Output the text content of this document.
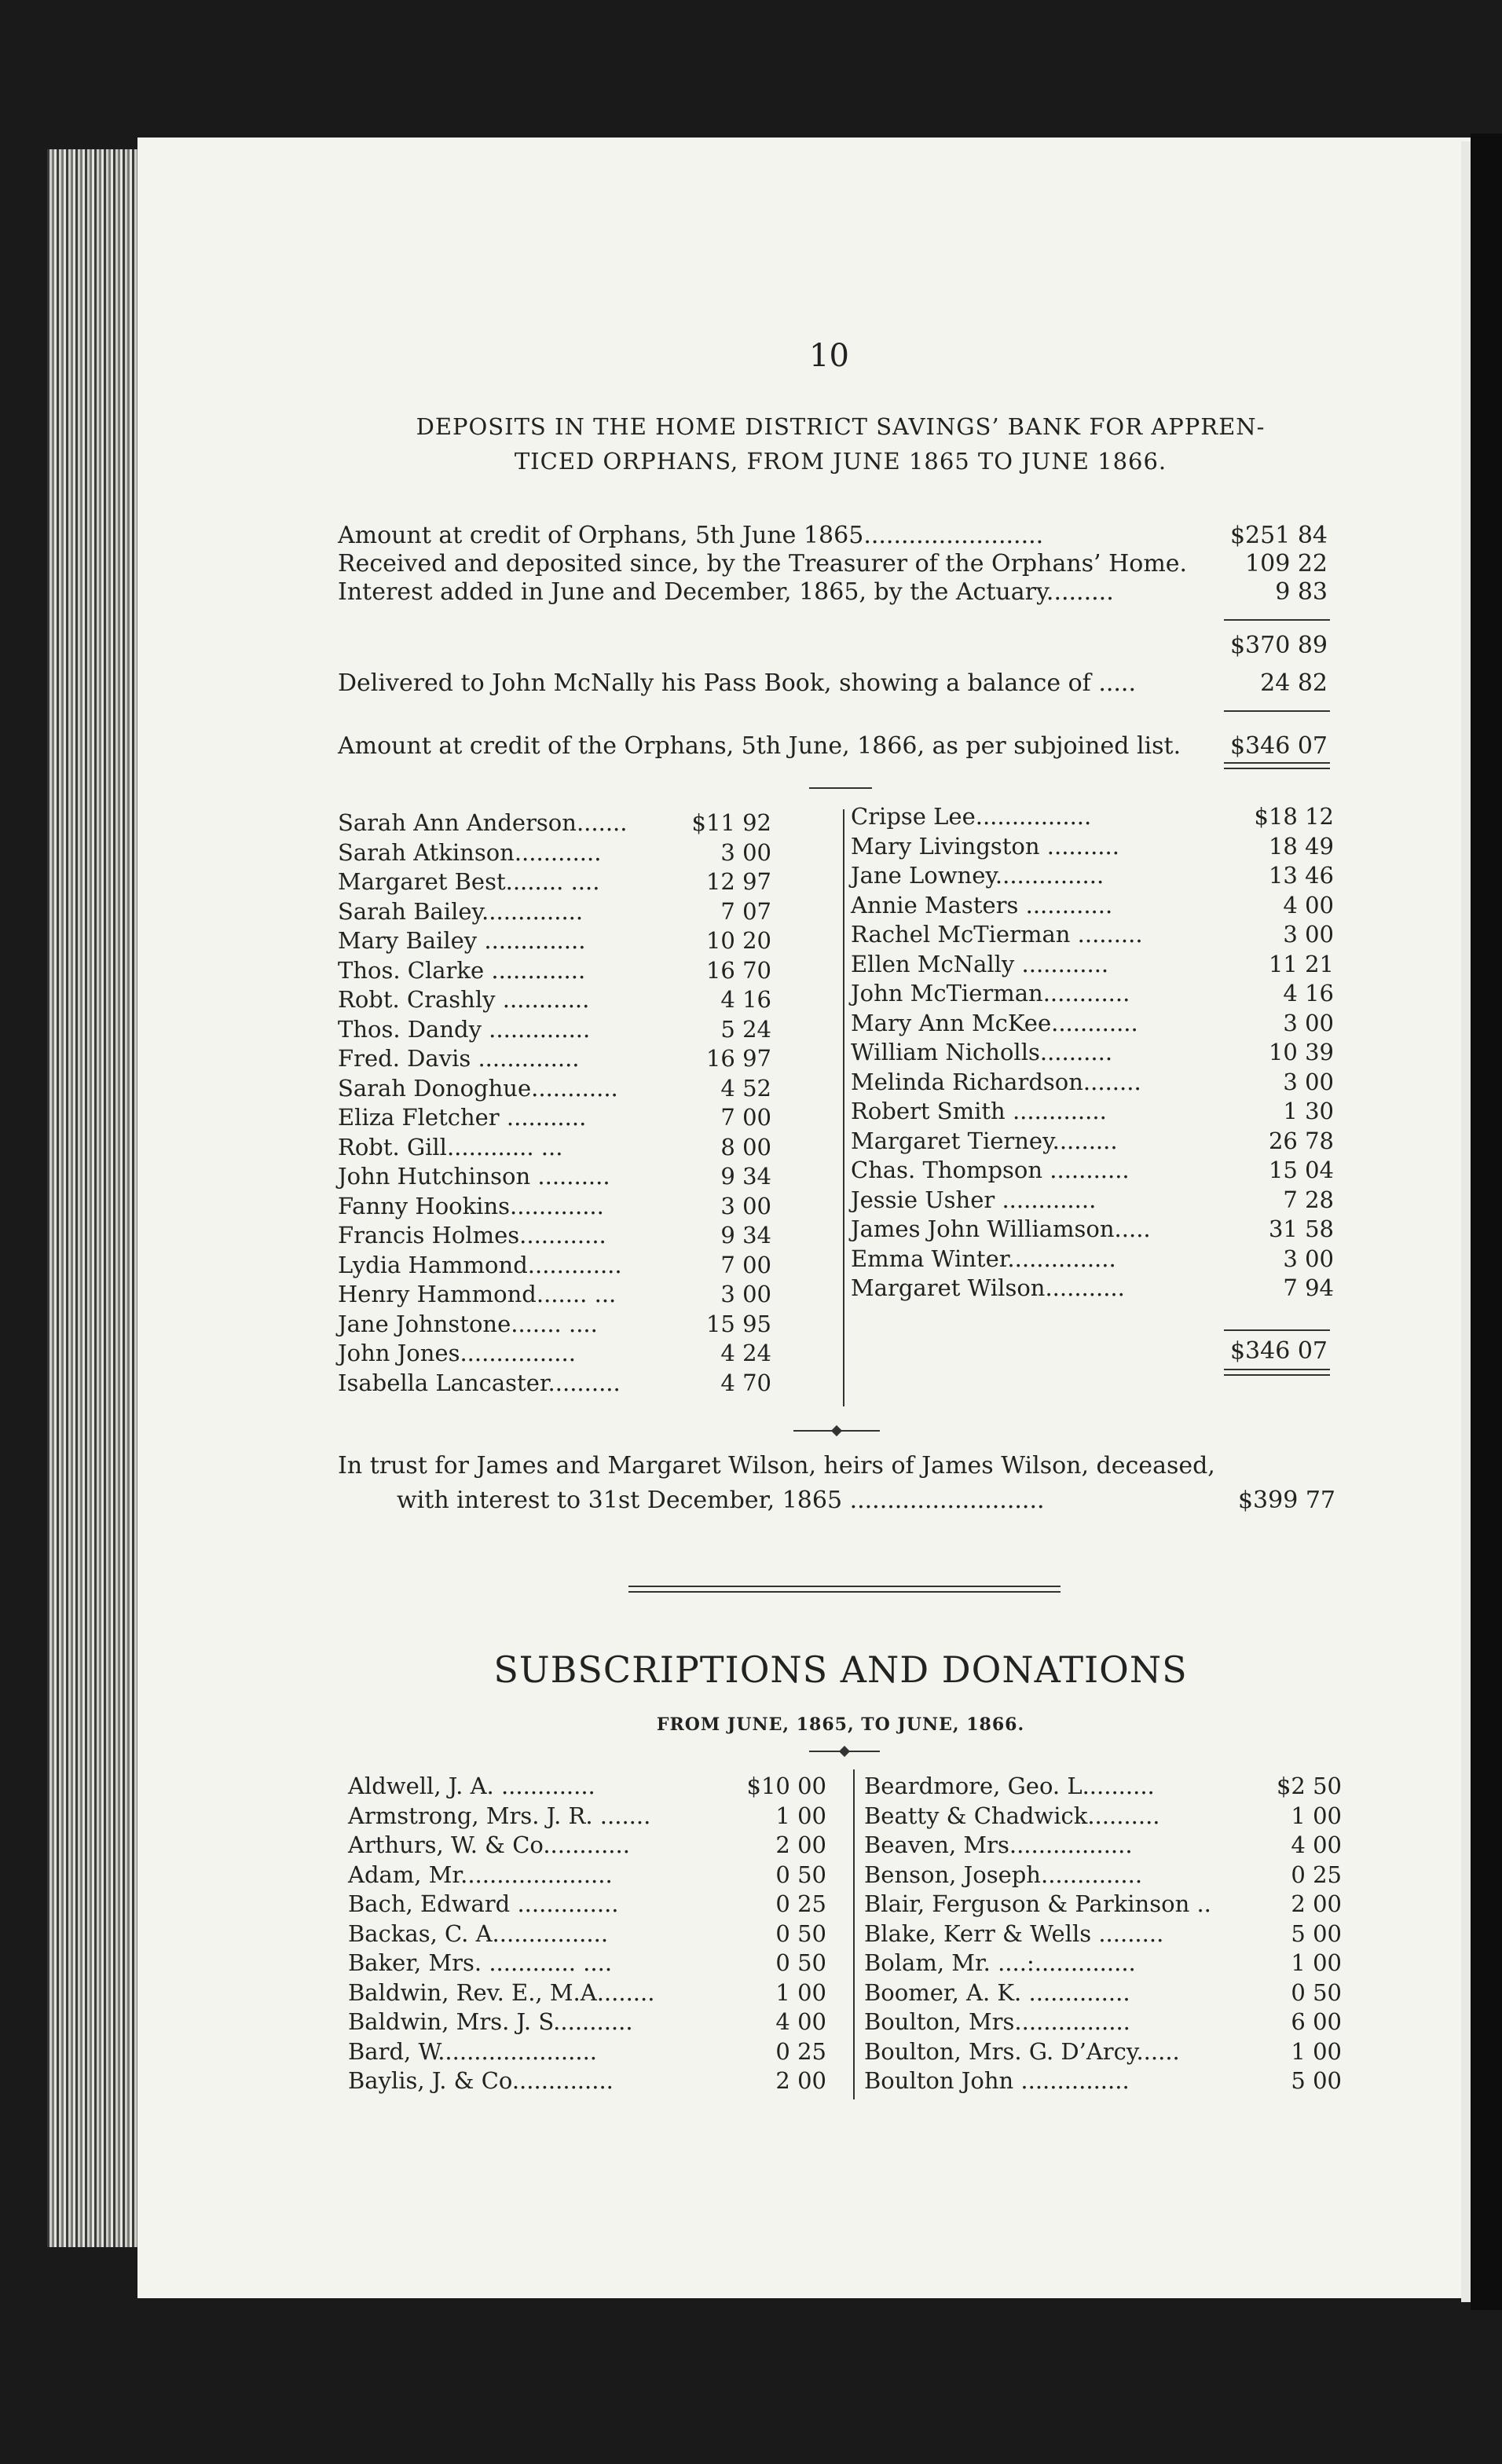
10
DEPOSITS IN THE HOME DISTRICT SAVINGS’ BANK FOR APPREN-
TICED ORPHANS, FROM JUNE 1865 TO JUNE 1866.
Amount at credit of Orphans, 5th June 1865........................	$251 84
Received and deposited since, by the Treasurer of the Orphans’ Home.	109 22
Interest added in June and December, 1865, by the Actuary.........	9 83
$370 89
Delivered to John McNally his Pass Book, showing a balance of .....	24 82
Amount at credit of the Orphans, 5th June, 1866, as per subjoined list.	$346 07
Sarah Ann Anderson.......	$11 92
Sarah Atkinson............	3 00
Margaret Best........ ....	12 97
Sarah Bailey..............	7 07
Mary Bailey ..............	10 20
Thos. Clarke .............	16 70
Robt. Crashly ............	4 16
Thos. Dandy ..............	5 24
Fred. Davis ..............	16 97
Sarah Donoghue............	4 52
Eliza Fletcher ...........	7 00
Robt. Gill............ ...	8 00
John Hutchinson ..........	9 34
Fanny Hookins.............	3 00
Francis Holmes............	9 34
Lydia Hammond.............	7 00
Henry Hammond....... ...	3 00
Jane Johnstone....... ....	15 95
John Jones................	4 24
Isabella Lancaster..........	4 70
Cripse Lee................	$18 12
Mary Livingston ..........	18 49
Jane Lowney...............	13 46
Annie Masters ............	4 00
Rachel McTierman .........	3 00
Ellen McNally ............	11 21
John McTierman............	4 16
Mary Ann McKee............	3 00
William Nicholls..........	10 39
Melinda Richardson........	3 00
Robert Smith .............	1 30
Margaret Tierney.........	26 78
Chas. Thompson ...........	15 04
Jessie Usher .............	7 28
James John Williamson.....	31 58
Emma Winter...............	3 00
Margaret Wilson...........	7 94
$346 07
In trust for James and Margaret Wilson, heirs of James Wilson, deceased,
with interest to 31st December, 1865 ..........................	$399 77
SUBSCRIPTIONS AND DONATIONS
FROM JUNE, 1865, TO JUNE, 1866.
Aldwell, J. A. .............	$10 00
Armstrong, Mrs. J. R. .......	1 00
Arthurs, W. & Co............	2 00
Adam, Mr.....................	0 50
Bach, Edward ..............	0 25
Backas, C. A................	0 50
Baker, Mrs. ............ ....	0 50
Baldwin, Rev. E., M.A........	1 00
Baldwin, Mrs. J. S...........	4 00
Bard, W......................	0 25
Baylis, J. & Co..............	2 00
Beardmore, Geo. L..........	$2 50
Beatty & Chadwick..........	1 00
Beaven, Mrs.................	4 00
Benson, Joseph..............	0 25
Blair, Ferguson & Parkinson ..	2 00
Blake, Kerr & Wells .........	5 00
Bolam, Mr. ....:..............	1 00
Boomer, A. K. ..............	0 50
Boulton, Mrs................	6 00
Boulton, Mrs. G. D’Arcy......	1 00
Boulton John ...............	5 00
